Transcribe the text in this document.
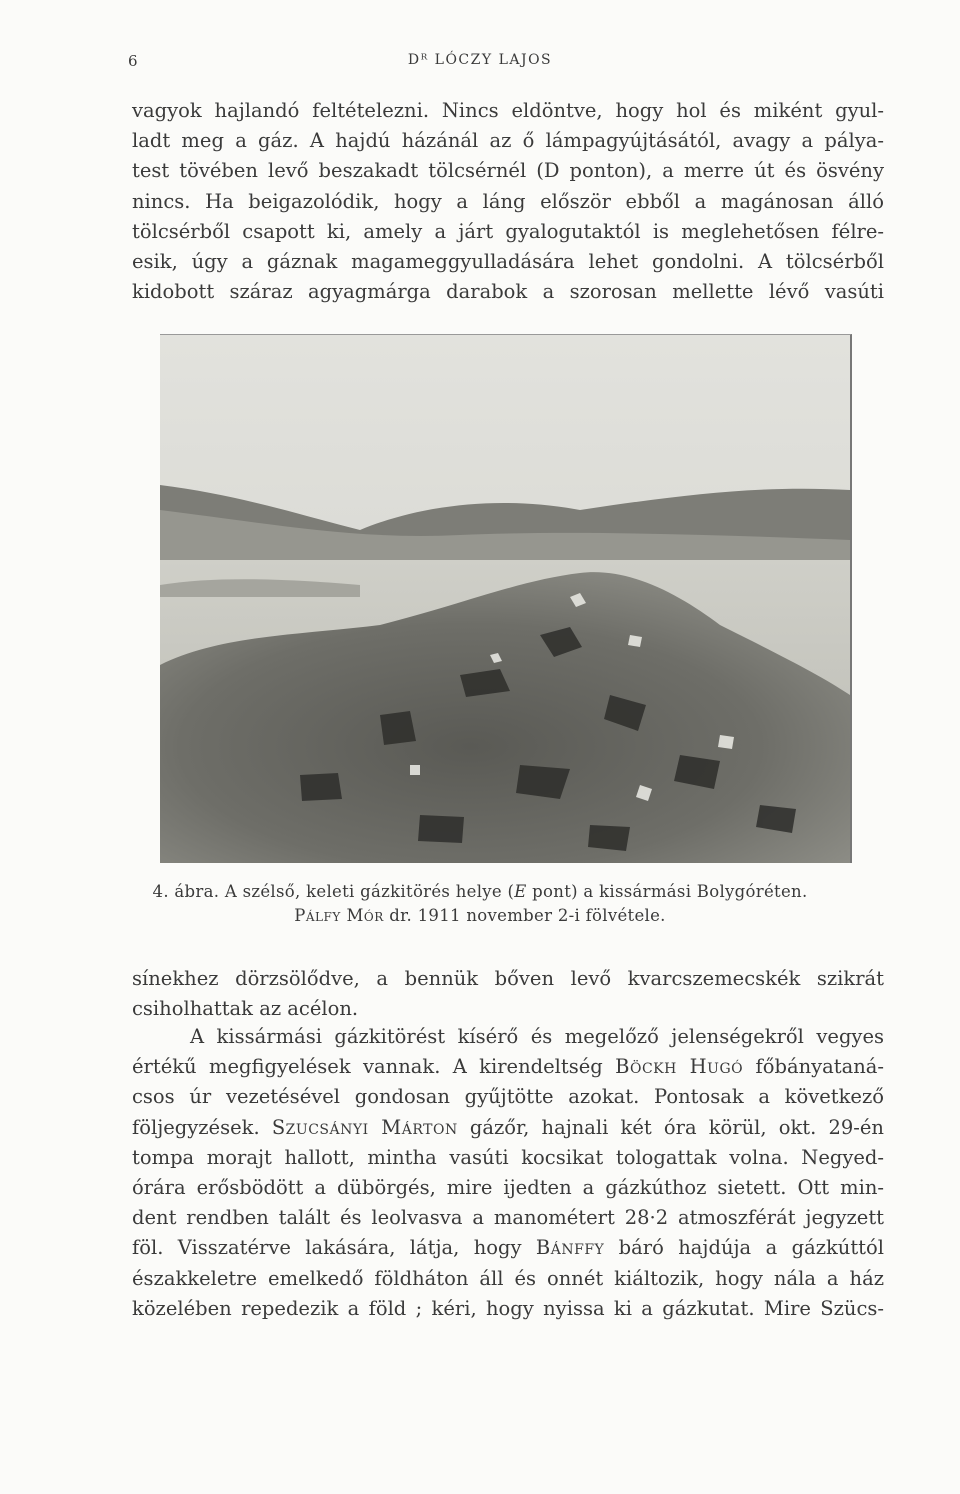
6	Dᴿ LÓCZY LAJOS

vagyok hajlandó feltételezni. Nincs eldöntve, hogy hol és miként gyul-
ladt meg a gáz. A hajdú házánál az ő lámpagyújtásától, avagy a pálya-
test tövében levő beszakadt tölcsérnél (D ponton), a merre út és ösvény
nincs. Ha beigazolódik, hogy a láng először ebből a magánosan álló
tölcsérből csapott ki, amely a járt gyalogutaktól is meglehetősen félre-
esik, úgy a gáznak magameggyulladására lehet gondolni. A tölcsérből
kidobott száraz agyagmárga darabok a szorosan mellette lévő vasúti

4. ábra. A szélső, keleti gázkitörés helye (E pont) a kissármási Bolygóréten.
Pálfy Mór dr. 1911 november 2-i fölvétele.

sínekhez dörzsölődve, a bennük bőven levő kvarcszemecskék szikrát
csiholhattak az acélon.

A kissármási gázkitörést kísérő és megelőző jelenségekről vegyes
értékű megfigyelések vannak. A kirendeltség Böckh Hugó főbányataná-
csos úr vezetésével gondosan gyűjtötte azokat. Pontosak a következő
följegyzések. Szucsányi Márton gázőr, hajnali két óra körül, okt. 29-én
tompa morajt hallott, mintha vasúti kocsikat tologattak volna. Negyed-
órára erősbödött a dübörgés, mire ijedten a gázkúthoz sietett. Ott min-
dent rendben talált és leolvasva a manométert 28·2 atmoszférát jegyzett
föl. Visszatérve lakására, látja, hogy Bánffy báró hajdúja a gázkúttól
északkeletre emelkedő földháton áll és onnét kiáltozik, hogy nála a ház
közelében repedezik a föld ; kéri, hogy nyissa ki a gázkutat. Mire Szücs-
